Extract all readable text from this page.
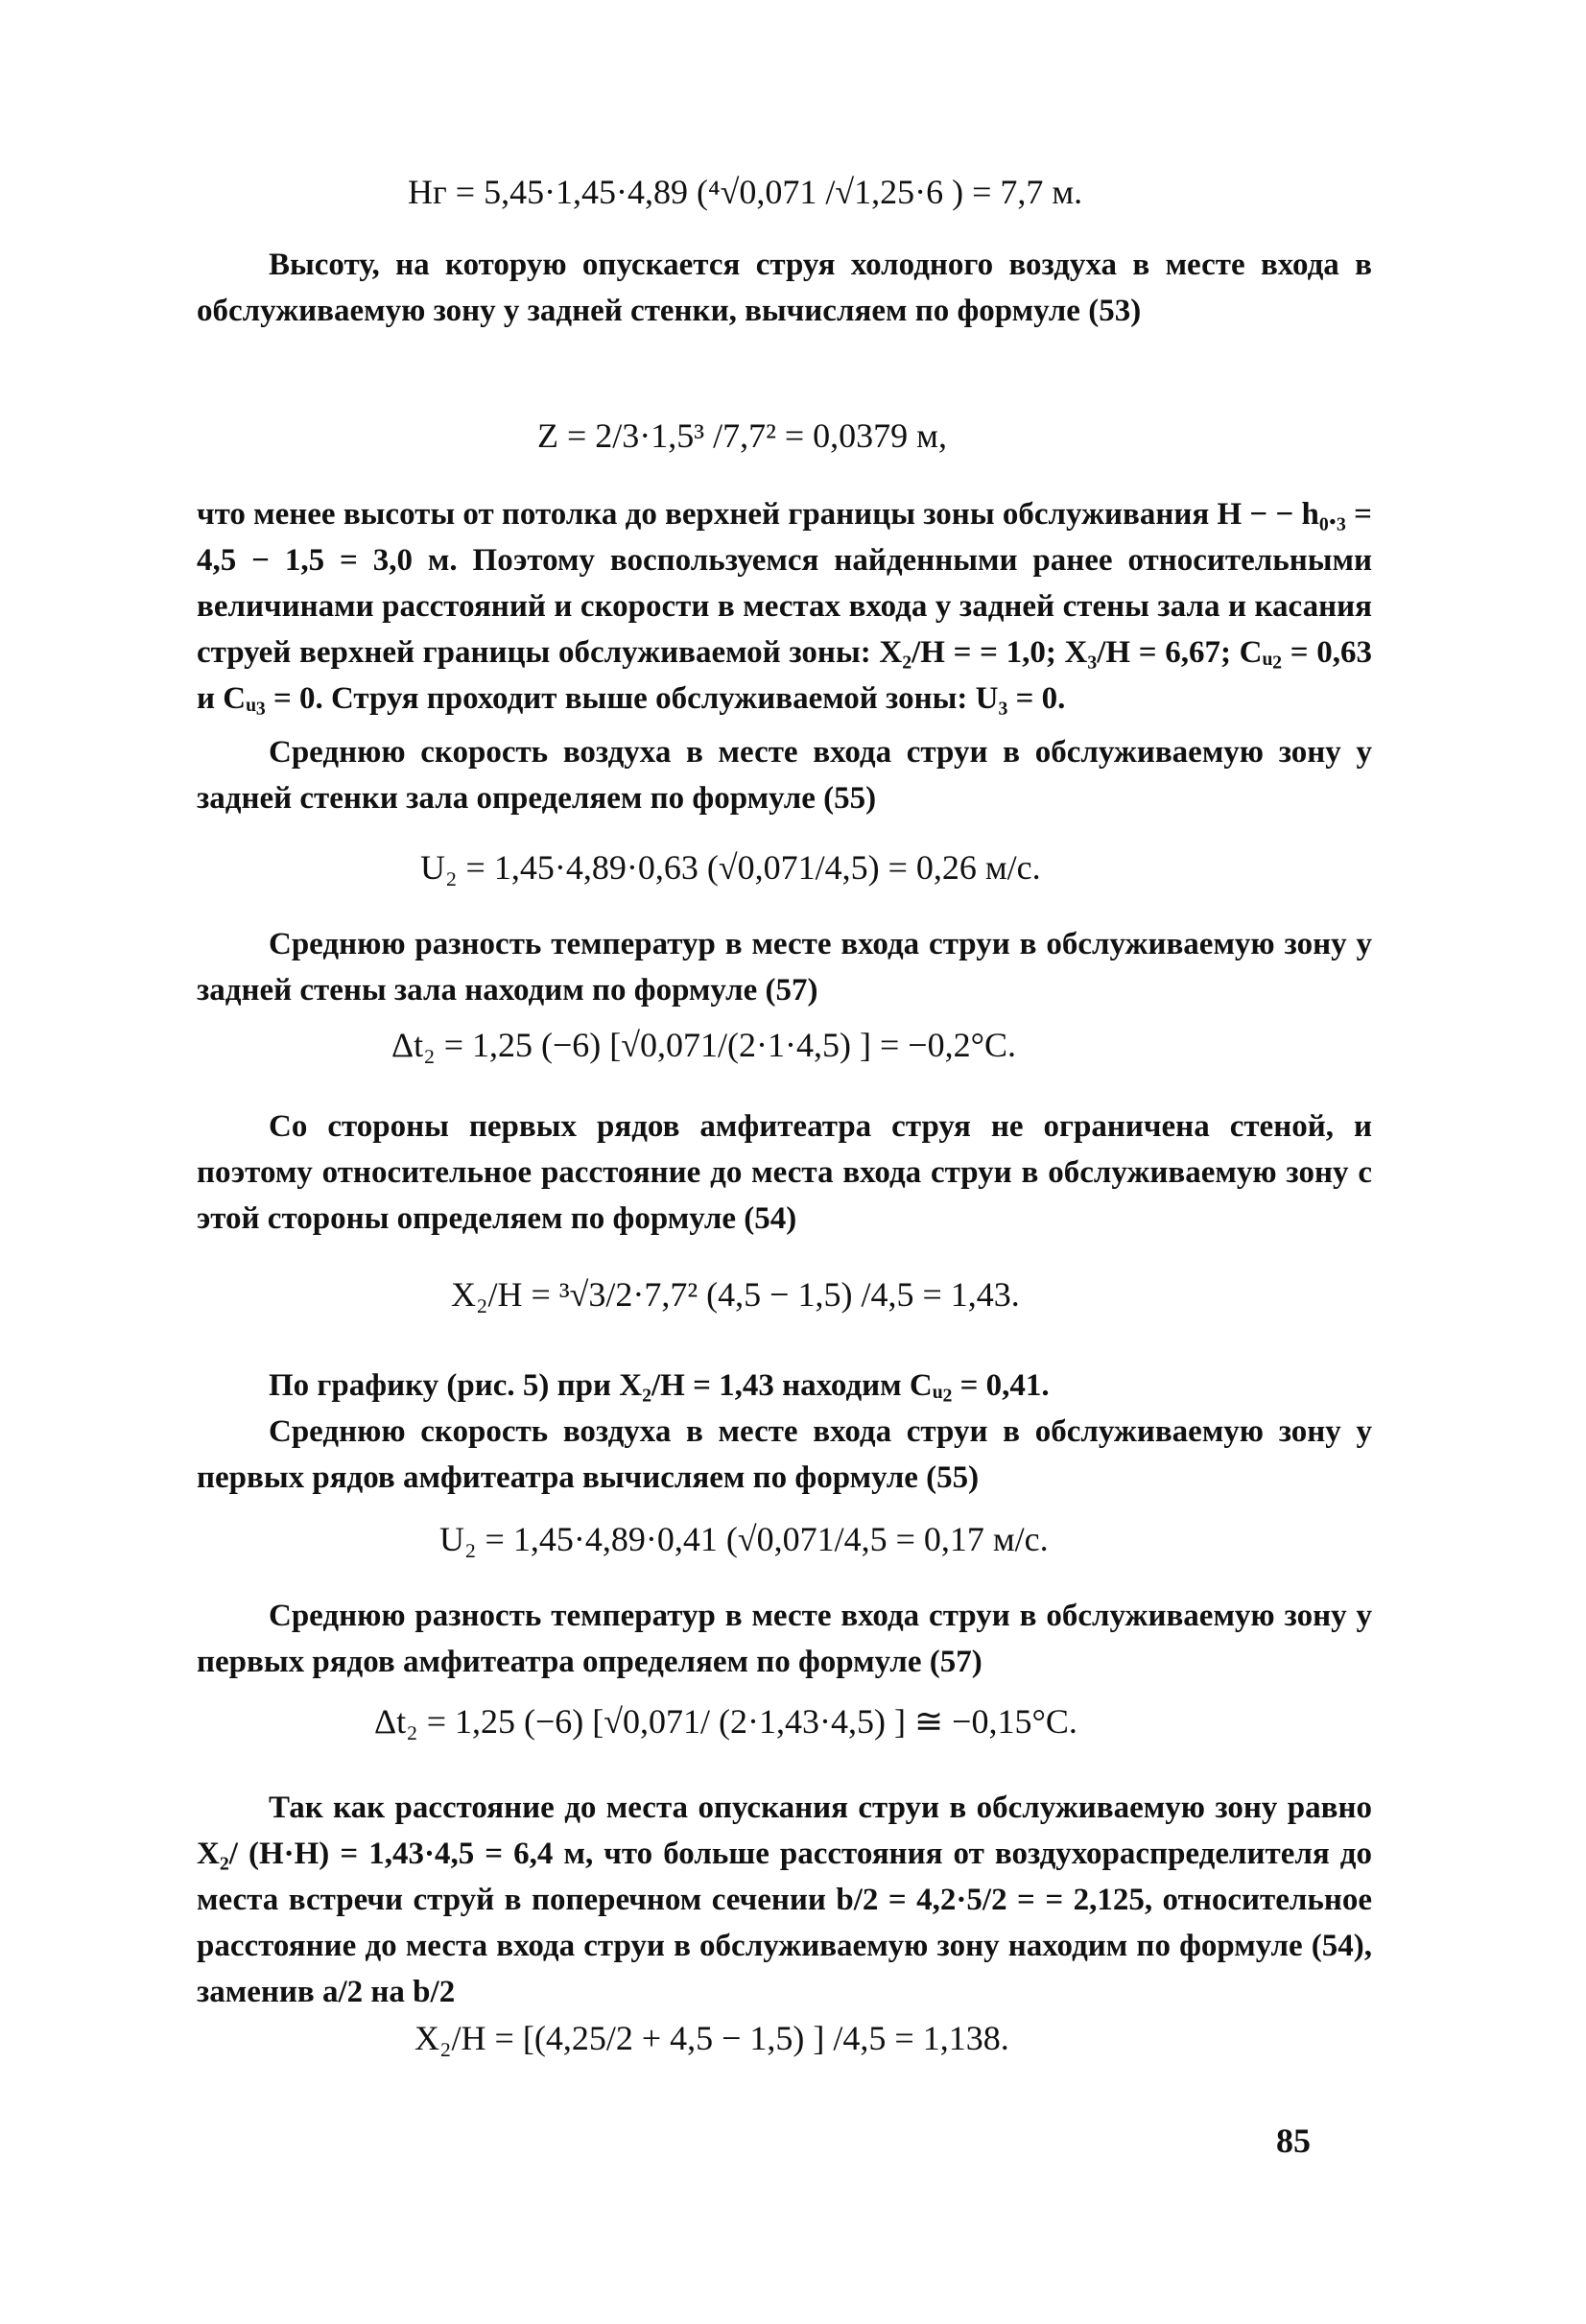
Hг = 5,45·1,45·4,89 (⁴√0,071 /√1,25·6 ) = 7,7 м.
Высоту, на которую опускается струя холодного воздуха в месте входа в обслуживаемую зону у задней стенки, вычисляем по формуле (53)
Z = 2/3·1,5³ /7,7² = 0,0379 м,
что менее высоты от потолка до верхней границы зоны обслуживания H − − h₀.₃ = 4,5 − 1,5 = 3,0 м. Поэтому воспользуемся найденными ранее относительными величинами расстояний и скорости в местах входа у задней стены зала и касания струей верхней границы обслуживаемой зоны: X₂/H = = 1,0; X₃/H = 6,67; Cᵤ₂ = 0,63 и Cᵤ₃ = 0. Струя проходит выше обслуживаемой зоны: U₃ = 0.
Среднюю скорость воздуха в месте входа струи в обслуживаемую зону у задней стенки зала определяем по формуле (55)
U₂ = 1,45·4,89·0,63 (√0,071/4,5) = 0,26 м/с.
Среднюю разность температур в месте входа струи в обслуживаемую зону у задней стены зала находим по формуле (57)
Δt₂ = 1,25 (−6) [√0,071/(2·1·4,5) ] = −0,2°C.
Со стороны первых рядов амфитеатра струя не ограничена стеной, и поэтому относительное расстояние до места входа струи в обслуживаемую зону с этой стороны определяем по формуле (54)
X₂/H = ³√3/2·7,7² (4,5 − 1,5) /4,5 = 1,43.
По графику (рис. 5) при X₂/H = 1,43 находим Cᵤ₂ = 0,41.
Среднюю скорость воздуха в месте входа струи в обслуживаемую зону у первых рядов амфитеатра вычисляем по формуле (55)
U₂ = 1,45·4,89·0,41 (√0,071/4,5 = 0,17 м/с.
Среднюю разность температур в месте входа струи в обслуживаемую зону у первых рядов амфитеатра определяем по формуле (57)
Δt₂ = 1,25 (−6) [√0,071/ (2·1,43·4,5) ] ≅ −0,15°C.
Так как расстояние до места опускания струи в обслуживаемую зону равно X₂/ (H·H) = 1,43·4,5 = 6,4 м, что больше расстояния от воздухораспределителя до места встречи струй в поперечном сечении b/2 = 4,2·5/2 = = 2,125, относительное расстояние до места входа струи в обслуживаемую зону находим по формуле (54), заменив a/2 на b/2
X₂/H = [(4,25/2 + 4,5 − 1,5) ] /4,5 = 1,138.
85
